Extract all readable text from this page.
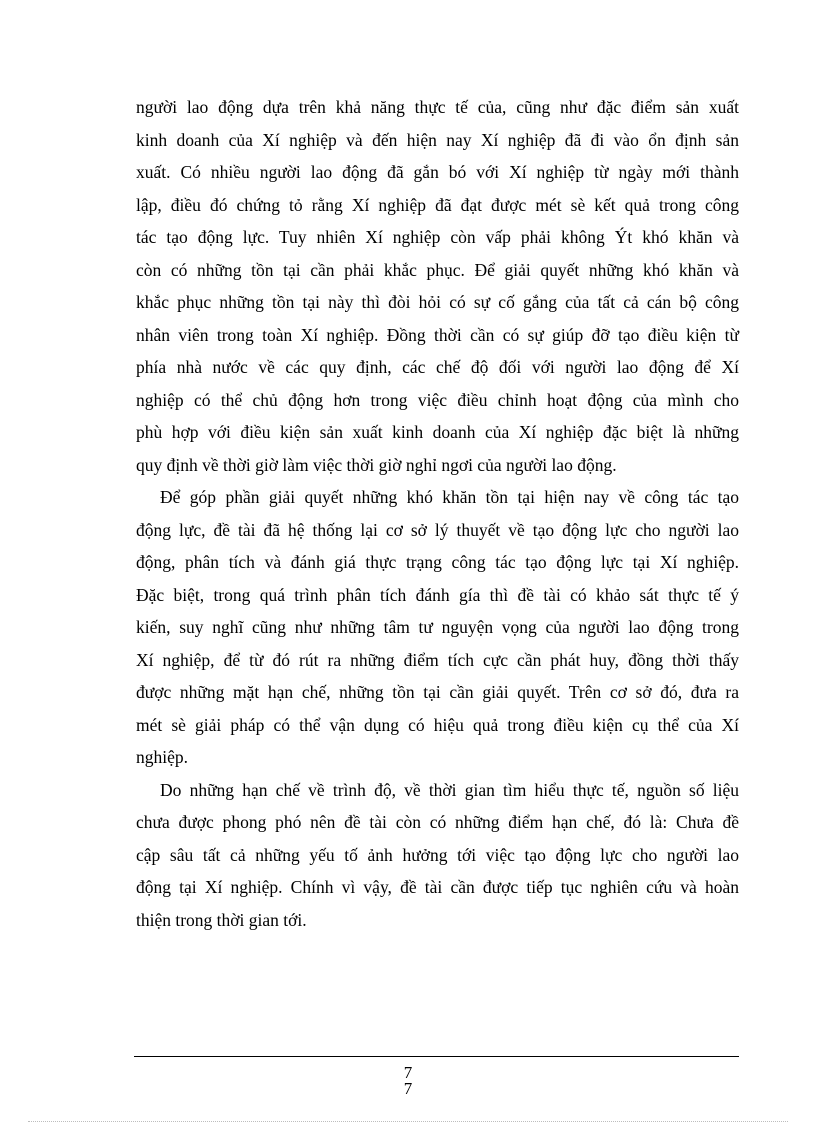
người lao động dựa trên khả năng thực tế của, cũng như đặc điểm sản xuất
kinh doanh của Xí nghiệp và đến hiện nay Xí nghiệp đã đi vào ổn định sản
xuất. Có nhiều người lao động đã gắn bó với Xí nghiệp từ ngày mới thành
lập, điều đó chứng tỏ rằng Xí nghiệp đã đạt được mét sè kết quả trong công
tác tạo động lực. Tuy nhiên Xí nghiệp còn vấp phải không Ýt khó khăn và
còn có những tồn tại cần phải khắc phục. Để giải quyết những khó khăn và
khắc phục những tồn tại này thì đòi hỏi có sự cố gắng của tất cả cán bộ công
nhân viên trong toàn Xí nghiệp. Đồng thời cần có sự giúp đỡ tạo điều kiện từ
phía nhà nước về các quy định, các chế độ đối với người lao động để Xí
nghiệp có thể chủ động hơn trong việc điều chỉnh hoạt động của mình cho
phù hợp với điều kiện sản xuất kinh doanh của Xí nghiệp đặc biệt là những
quy định về thời giờ làm việc thời giờ nghỉ ngơi của người lao động.
Để góp phần giải quyết những khó khăn tồn tại hiện nay về công tác tạo
động lực, đề tài đã hệ thống lại cơ sở lý thuyết về tạo động lực cho người lao
động, phân tích và đánh giá thực trạng công tác tạo động lực tại Xí nghiệp.
Đặc biệt, trong quá trình phân tích đánh gía thì đề tài có khảo sát thực tế ý
kiến, suy nghĩ cũng như những tâm tư nguyện vọng của người lao động trong
Xí nghiệp, để từ đó rút ra những điểm tích cực cần phát huy, đồng thời thấy
được những mặt hạn chế, những tồn tại cần giải quyết. Trên cơ sở đó, đưa ra
mét sè giải pháp có thể vận dụng có hiệu quả trong điều kiện cụ thể của Xí
nghiệp.
Do những hạn chế về trình độ, về thời gian tìm hiểu thực tế, nguồn số liệu
chưa được phong phó nên đề tài còn có những điểm hạn chế, đó là: Chưa đề
cập sâu tất cả những yếu tố ảnh hưởng tới việc tạo động lực cho người lao
động tại Xí nghiệp. Chính vì vậy, đề tài cần được tiếp tục nghiên cứu và hoàn
thiện trong thời gian tới.
7
7
